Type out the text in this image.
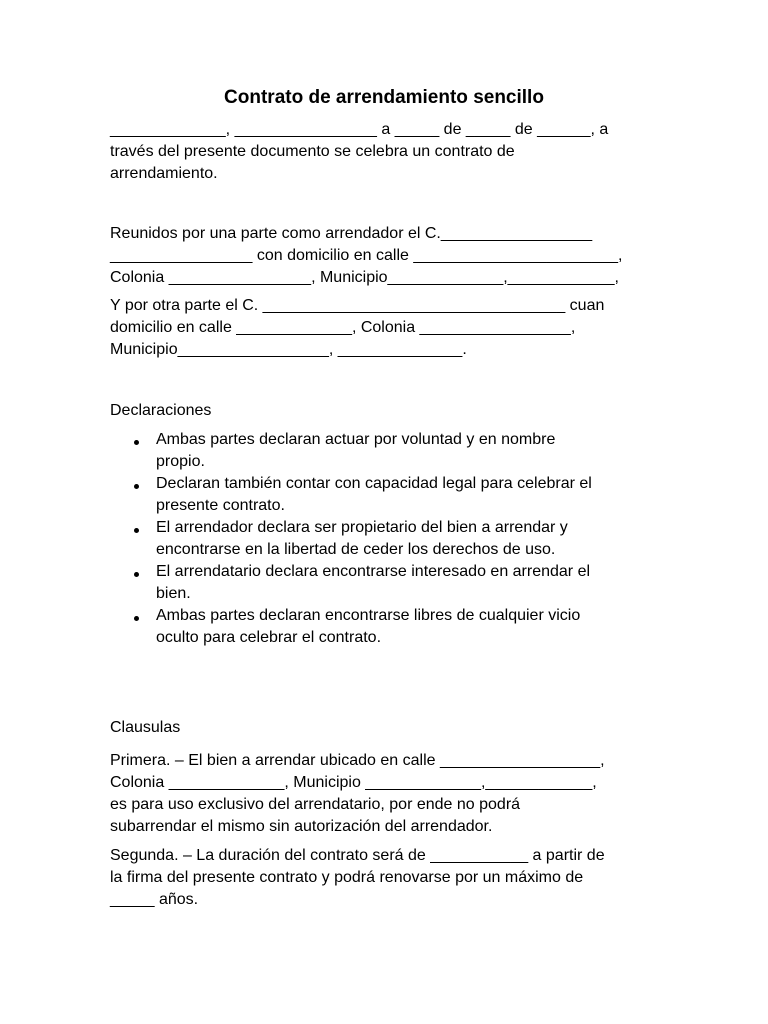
Contrato de arrendamiento sencillo
_____________, ________________ a _____ de _____ de ______, a
través del presente documento se celebra un contrato de
arrendamiento.
Reunidos por una parte como arrendador el C._________________
________________ con domicilio en calle _______________________,
Colonia ________________, Municipio_____________,____________,
Y por otra parte el C. __________________________________ cuan
domicilio en calle _____________, Colonia _________________,
Municipio_________________, ______________.
Declaraciones
Ambas partes declaran actuar por voluntad y en nombre
propio.
Declaran también contar con capacidad legal para celebrar el
presente contrato.
El arrendador declara ser propietario del bien a arrendar y
encontrarse en la libertad de ceder los derechos de uso.
El arrendatario declara encontrarse interesado en arrendar el
bien.
Ambas partes declaran encontrarse libres de cualquier vicio
oculto para celebrar el contrato.
Clausulas
Primera. – El bien a arrendar ubicado en calle __________________,
Colonia _____________, Municipio _____________,____________,
es para uso exclusivo del arrendatario, por ende no podrá
subarrendar el mismo sin autorización del arrendador.
Segunda. – La duración del contrato será de ___________ a partir de
la firma del presente contrato y podrá renovarse por un máximo de
_____ años.
